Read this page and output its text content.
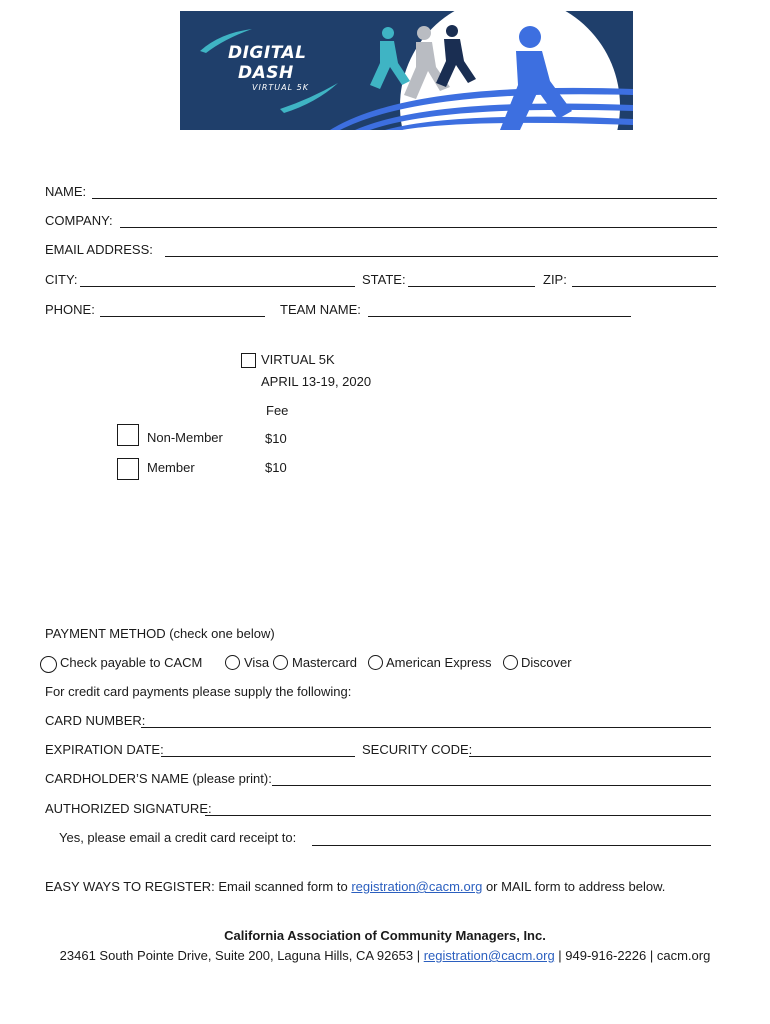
DIGITAL
DASH
VIRTUAL 5K
NAME:
COMPANY:
EMAIL ADDRESS:
CITY:	STATE:	ZIP:
PHONE:	TEAM NAME:
VIRTUAL 5K
APRIL 13-19, 2020
Fee
Non-Member	$10
Member	$10
PAYMENT METHOD (check one below)
Check payable to CACM	Visa Mastercard American Express Discover
For credit card payments please supply the following:
CARD NUMBER:
EXPIRATION DATE:	SECURITY CODE:
CARDHOLDER’S NAME (please print):
AUTHORIZED SIGNATURE:
Yes, please email a credit card receipt to:
EASY WAYS TO REGISTER: Email scanned form to registration@cacm.org or MAIL form to address below.
California Association of Community Managers, Inc.
23461 South Pointe Drive, Suite 200, Laguna Hills, CA 92653 | registration@cacm.org | 949-916-2226 | cacm.org
